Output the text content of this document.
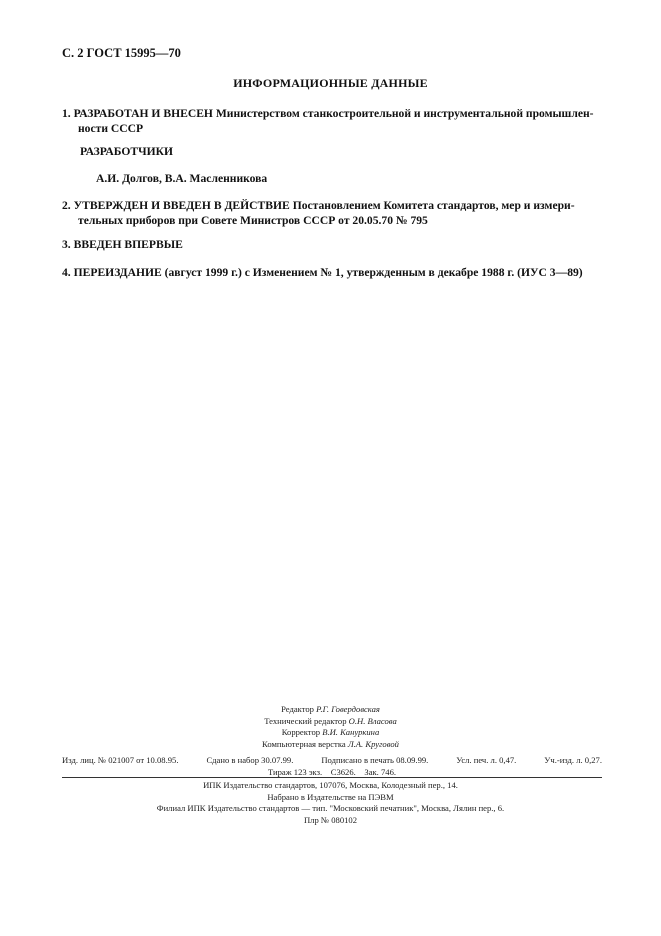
С. 2 ГОСТ 15995—70
ИНФОРМАЦИОННЫЕ ДАННЫЕ
1. РАЗРАБОТАН И ВНЕСЕН Министерством станкостроительной и инструментальной промышлен-
ности СССР
РАЗРАБОТЧИКИ
А.И. Долгов, В.А. Масленникова
2. УТВЕРЖДЕН И ВВЕДЕН В ДЕЙСТВИЕ Постановлением Комитета стандартов, мер и измери-
тельных приборов при Совете Министров СССР от 20.05.70 № 795
3. ВВЕДЕН ВПЕРВЫЕ
4. ПЕРЕИЗДАНИЕ (август 1999 г.) с Изменением № 1, утвержденным в декабре 1988 г. (ИУС 3—89)
Редактор Р.Г. Говердовская
Технический редактор О.Н. Власова
Корректор В.И. Кануркина
Компьютерная верстка Л.А. Круговой
Изд. лиц. № 021007 от 10.08.95.	Сдано в набор 30.07.99.	Подписано в печать 08.09.99.	Усл. печ. л. 0,47.	Уч.-изд. л. 0,27.
Тираж 123 экз. С3626. Зак. 746.
ИПК Издательство стандартов, 107076, Москва, Колодезный пер., 14.
Набрано в Издательстве на ПЭВМ
Филиал ИПК Издательство стандартов — тип. "Московский печатник", Москва, Лялин пер., 6.
Плр № 080102
